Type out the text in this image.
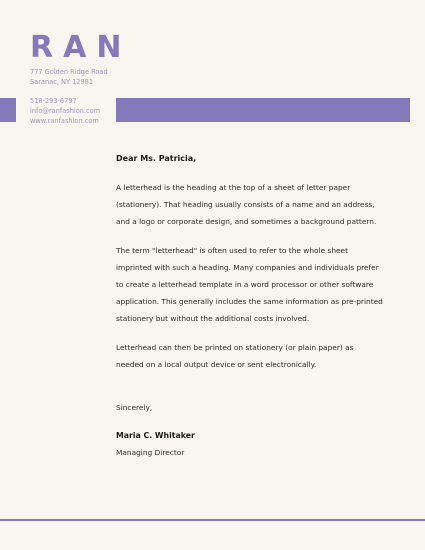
RAN
777 Golden Ridge Road
Saranac, NY 12981
518-293-6797
info@ranfashion.com
www.ranfashion.com

Dear Ms. Patricia,

A letterhead is the heading at the top of a sheet of letter paper
(stationery). That heading usually consists of a name and an address,
and a logo or corporate design, and sometimes a background pattern.

The term "letterhead" is often used to refer to the whole sheet
imprinted with such a heading. Many companies and individuals prefer
to create a letterhead template in a word processor or other software
application. This generally includes the same information as pre-printed
stationery but without the additional costs involved.

Letterhead can then be printed on stationery (or plain paper) as
needed on a local output device or sent electronically.

Sincerely,

Maria C. Whitaker

Managing Director
